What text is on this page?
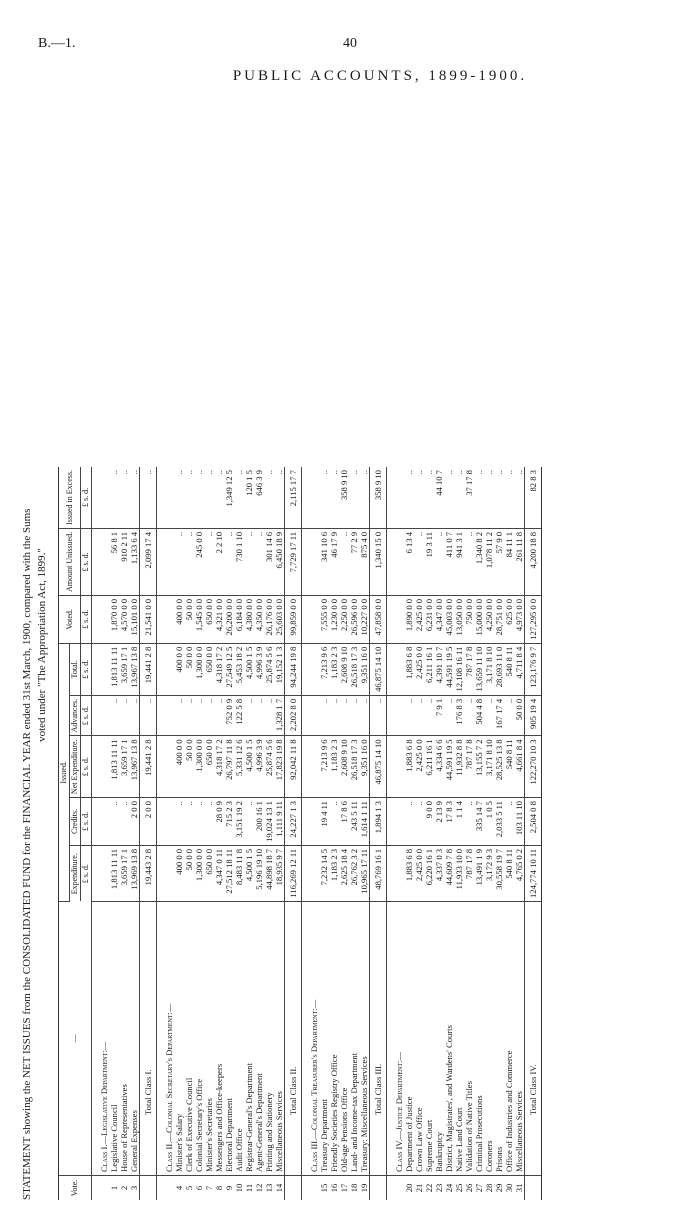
B.—1.	40
PUBLIC ACCOUNTS, 1899-1900.
STATEMENT showing the NET ISSUES from the CONSOLIDATED FUND for the FINANCIAL YEAR ended 31st March, 1900, compared with the Sums voted under "The Appropriation Act, 1899."
Vote.	—	Issued.					Voted.	Amount Unissued.	Issued in Excess.
		Expenditure.	Credits.	Net Expenditure.	Advances.	Total.			
		£ s. d.	£ s. d.	£ s. d.	£ s. d.	£ s. d.	£ s. d.	£ s. d.	£ s. d.
	Class I.—Legislative Department:—								
1	Legislative Council	1,813 11 11	..	1,813 11 11	..	1,813 11 11	1,870 0 0	56 8 1	..
2	House of Representatives	3,659 17 1	..	3,659 17 1	..	3,659 17 1	4,570 0 0	910 2 11	..
3	General Expenses	13,969 13 8	2 0 0	13,967 13 8	..	13,967 13 8	15,101 0 0	1,133 6 4	..
	Total Class I.	19,443 2 8	2 0 0	19,441 2 8	..	19,441 2 8	21,541 0 0	2,099 17 4	..
	Class II.—Colonial Secretary's Department:—								
4	Minister's Salary	400 0 0	..	400 0 0	..	400 0 0	400 0 0	..	..
5	Clerk of Executive Council	50 0 0	..	50 0 0	..	50 0 0	50 0 0	..	..
6	Colonial Secretary's Office	1,300 0 0	..	1,300 0 0	..	1,300 0 0	1,545 0 0	245 0 0	..
7	Minister's Secretaries	650 0 0	..	650 0 0	..	650 0 0	650 0 0	..	..
8	Messengers and Office-keepers	4,347 0 11	28 0 9	4,318 17 2	..	4,318 17 2	4,321 0 0	2 2 10	..
9	Electoral Department	27,512 18 11	715 2 3	26,797 11 8	752 0 9	27,549 12 5	26,200 0 0	..	1,349 12 5
10	Audit Office	8,483 11 8	3,151 19 2	5,331 12 6	122 5 8	5,453 18 2	6,184 0 0	730 1 10	..
11	Registrar-General's Department	4,500 1 5	..	4,500 1 5	..	4,500 1 5	4,380 0 0	..	120 1 5
12	Agent-General's Department	5,196 19 10	200 16 1	4,996 3 9	..	4,996 3 9	4,350 0 0	..	646 3 9
13	Printing and Stationery	44,898 18 7	19,024 13 1	25,874 5 6	..	25,874 5 6	26,176 0 0	301 14 6	..
14	Miscellaneous Services	18,935 9 7	1,111 9 11	17,823 19 8	1,328 1 7	19,152 1 3	25,603 0 0	6,450 18 9	..
	Total Class II.	116,269 12 11	24,227 1 3	92,042 11 8	2,202 8 0	94,244 19 8	99,859 0 0	7,729 17 11	2,115 17 7
	Class III.—Colonial Treasurer's Department:—								
15	Treasury Department	7,232 14 5	19 4 11	7,213 9 6	..	7,213 9 6	7,555 0 0	341 10 6	..
16	Friendly Societies Registry Office	1,183 2 3	..	1,183 2 3	..	1,183 2 3	1,230 0 0	46 17 9	..
17	Old-age Pensions Office	2,625 18 4	17 8 6	2,608 9 10	..	2,608 9 10	2,250 0 0	..	358 9 10
18	Land- and Income-tax Department	26,762 3 2	243 5 11	26,518 17 3	..	26,518 17 3	26,596 0 0	77 2 9	..
19	Treasury: Miscellaneous Services	10,965 17 11	1,614 1 11	9,351 16 0	..	9,351 16 0	10,227 0 0	875 4 0	..
	Total Class III.	48,769 16 1	1,894 1 3	46,875 14 10	..	46,875 14 10	47,858 0 0	1,340 15 0	358 9 10
	Class IV.—Justice Department:—								
20	Department of Justice	1,883 6 8	..	1,883 6 8	..	1,883 6 8	1,890 0 0	6 13 4	..
21	Crown Law Office	2,425 0 0	..	2,425 0 0	..	2,425 0 0	2,425 0 0	..	..
22	Supreme Court	6,220 16 1	9 0 0	6,211 16 1	..	6,211 16 1	6,231 0 0	19 3 11	..
23	Bankruptcy	4,337 0 3	2 13 9	4,334 6 6	7 9 1	4,391 10 7	4,347 0 0	..	44 10 7
24	District, Magistrates', and Wardens' Courts	44,609 7 8	17 8 3	44,591 19 5	..	44,591 19 5	45,003 0 0	411 0 7	..
25	Native Land Court	11,933 10 0	1 1 4	11,932 8 8	176 8 3	12,108 16 11	13,050 0 0	941 3 1	..
26	Validation of Native Titles	787 17 8	..	787 17 8	..	787 17 8	750 0 0	..	37 17 8
27	Criminal Prosecutions	13,491 1 9	335 14 7	13,155 7 2	504 4 8	13,659 11 10	15,000 0 0	1,340 8 2	..
28	Coroners	3,172 9 3	1 0 5	3,171 8 10	..	3,171 8 10	4,250 0 0	1,078 11 2	..
29	Prisons	30,558 19 7	2,033 5 11	28,525 13 8	167 17 4	28,693 11 0	28,751 0 0	57 9 0	..
30	Office of Industries and Commerce	540 8 11	..	540 8 11	..	540 8 11	625 0 0	84 11 1	..
31	Miscellaneous Services	4,765 0 2	103 11 10	4,661 8 4	50 0 0	4,711 8 4	4,973 0 0	261 11 8	..
	Total Class IV.	124,774 10 11	2,504 0 8	122,270 10 3	905 19 4	123,176 9 7	127,295 0 0	4,200 18 8	82 8 3
